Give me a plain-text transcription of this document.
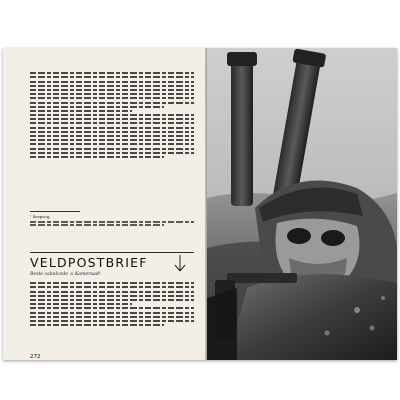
¹ Bespoog,
VELDPOSTBRIEF
Beste cabelcode ⚔ Kameraad!
272
